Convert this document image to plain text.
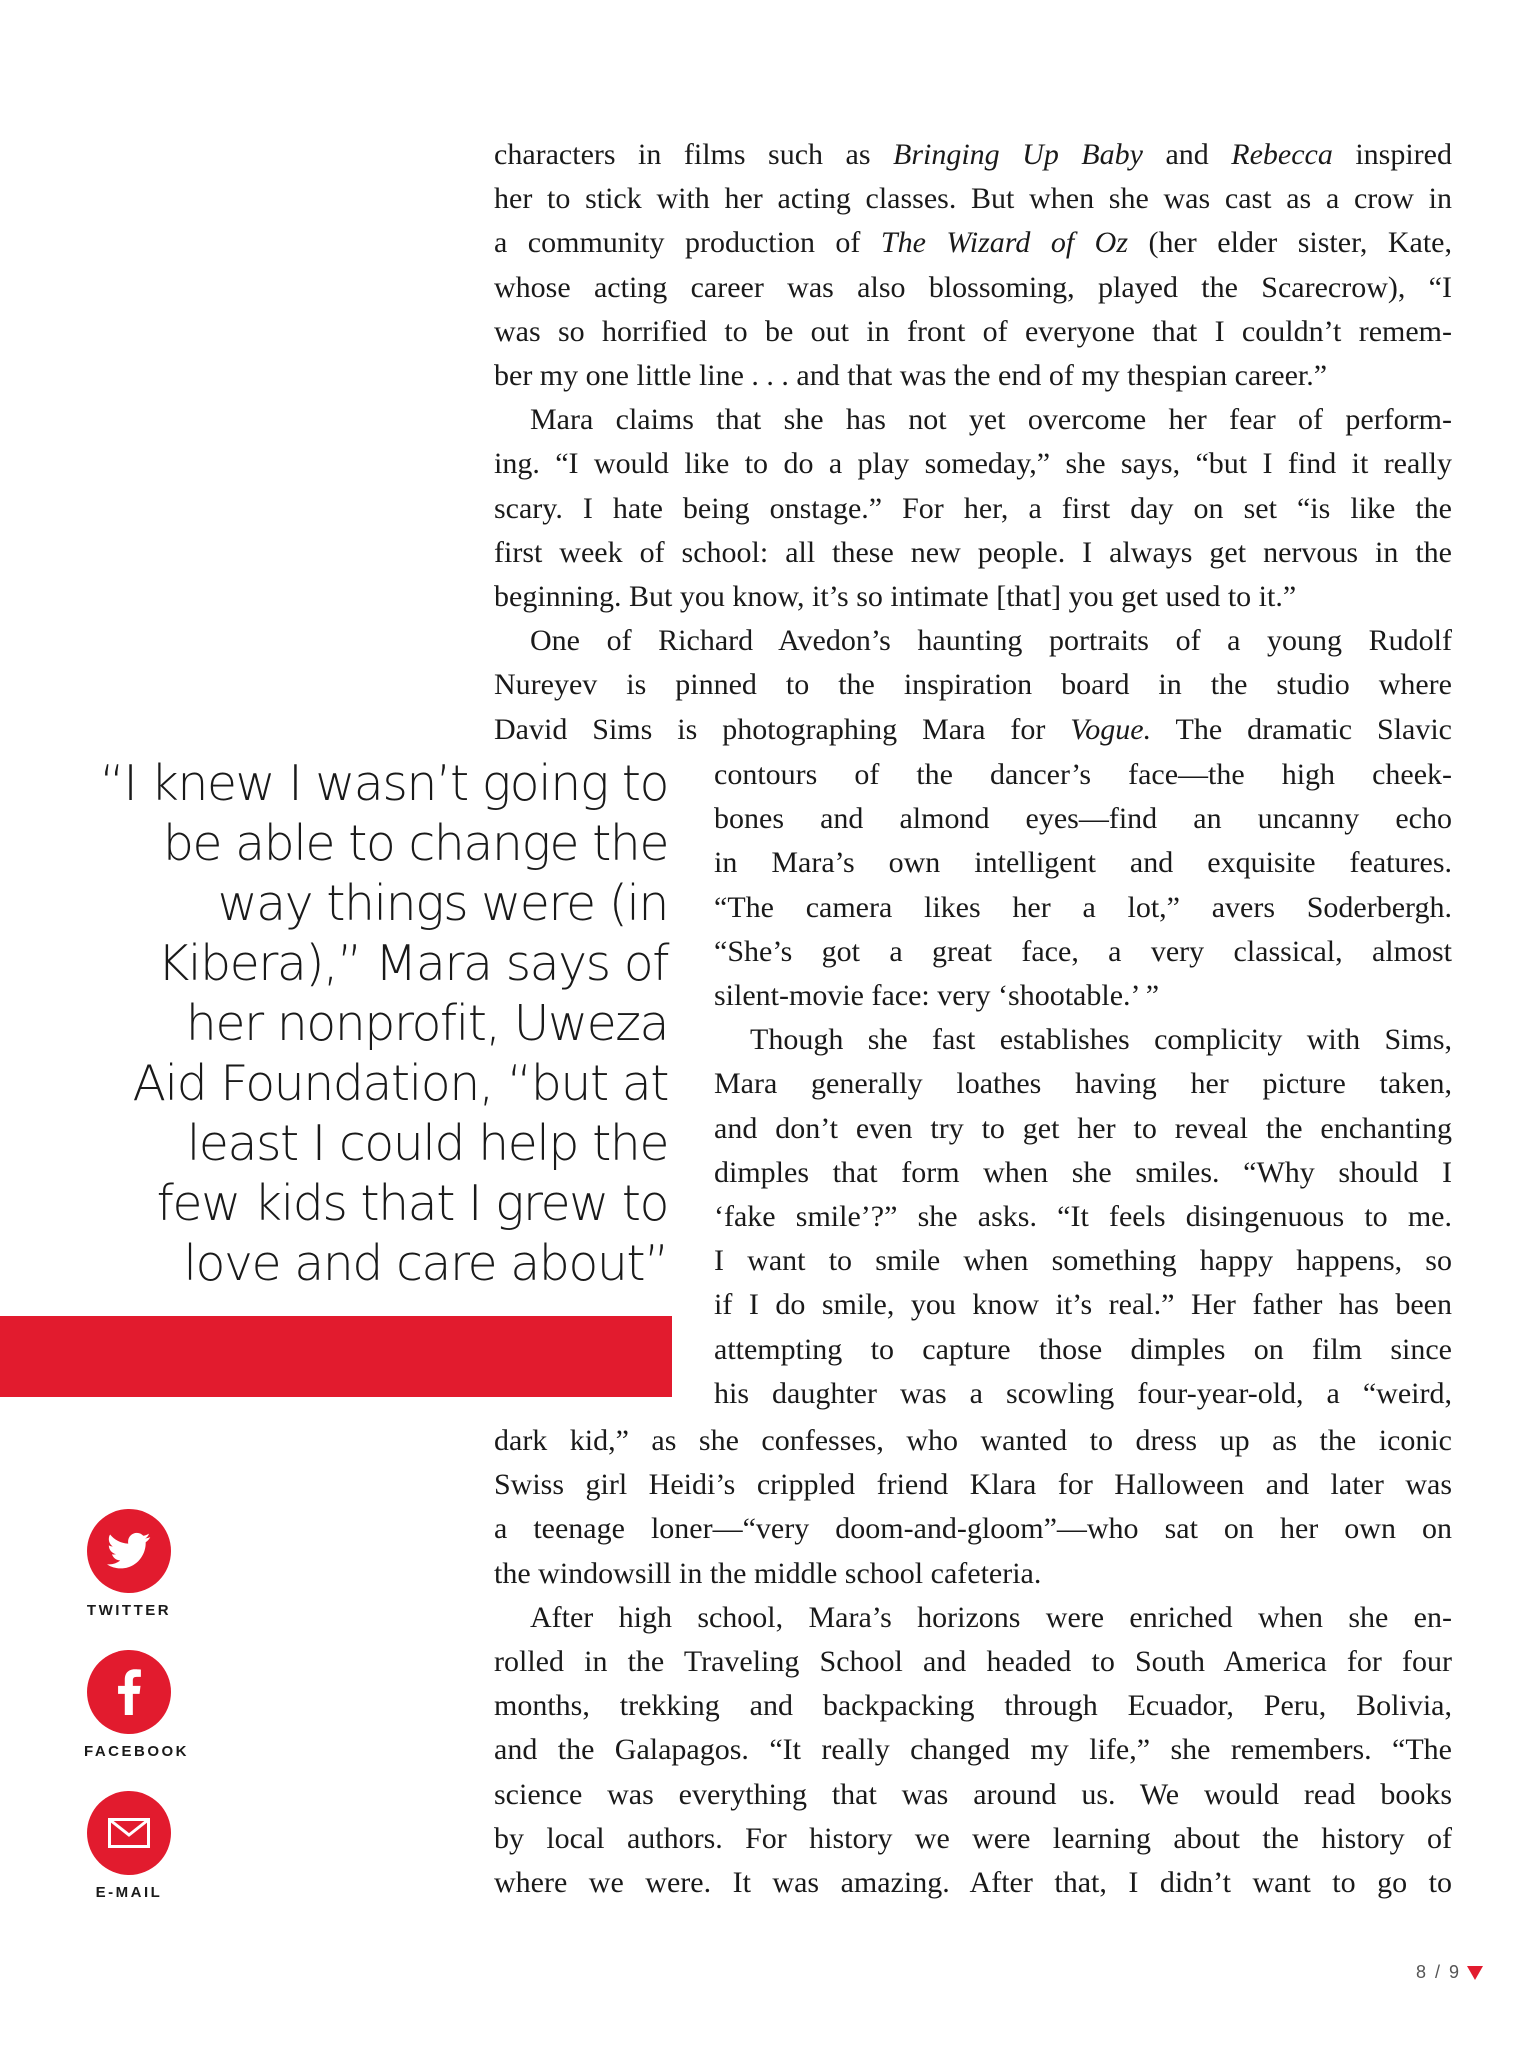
characters in films such as Bringing Up Baby and Rebecca inspired
her to stick with her acting classes. But when she was cast as a crow in
a community production of The Wizard of Oz (her elder sister, Kate,
whose acting career was also blossoming, played the Scarecrow), “I
was so horrified to be out in front of everyone that I couldn’t remem-
ber my one little line . . . and that was the end of my thespian career.”
Mara claims that she has not yet overcome her fear of perform-
ing. “I would like to do a play someday,” she says, “but I find it really
scary. I hate being onstage.” For her, a first day on set “is like the
first week of school: all these new people. I always get nervous in the
beginning. But you know, it’s so intimate [that] you get used to it.”
One of Richard Avedon’s haunting portraits of a young Rudolf
Nureyev is pinned to the inspiration board in the studio where
David Sims is photographing Mara for Vogue. The dramatic Slavic
contours of the dancer’s face—the high cheek-
bones and almond eyes—find an uncanny echo
in Mara’s own intelligent and exquisite features.
“The camera likes her a lot,” avers Soderbergh.
“She’s got a great face, a very classical, almost
silent-movie face: very ‘shootable.’ ”
Though she fast establishes complicity with Sims,
Mara generally loathes having her picture taken,
and don’t even try to get her to reveal the enchanting
dimples that form when she smiles. “Why should I
‘fake smile’?” she asks. “It feels disingenuous to me.
I want to smile when something happy happens, so
if I do smile, you know it’s real.” Her father has been
attempting to capture those dimples on film since
his daughter was a scowling four-year-old, a “weird,
dark kid,” as she confesses, who wanted to dress up as the iconic
Swiss girl Heidi’s crippled friend Klara for Halloween and later was
a teenage loner—“very doom-and-gloom”—who sat on her own on
the windowsill in the middle school cafeteria.
After high school, Mara’s horizons were enriched when she en-
rolled in the Traveling School and headed to South America for four
months, trekking and backpacking through Ecuador, Peru, Bolivia,
and the Galapagos. “It really changed my life,” she remembers. “The
science was everything that was around us. We would read books
by local authors. For history we were learning about the history of
where we were. It was amazing. After that, I didn’t want to go to
“I knew I wasn’t going to
be able to change the
way things were (in
Kibera),” Mara says of
her nonprofit, Uweza
Aid Foundation, “but at
least I could help the
few kids that I grew to
love and care about”
TWITTER
FACEBOOK
E-MAIL
8 / 9
